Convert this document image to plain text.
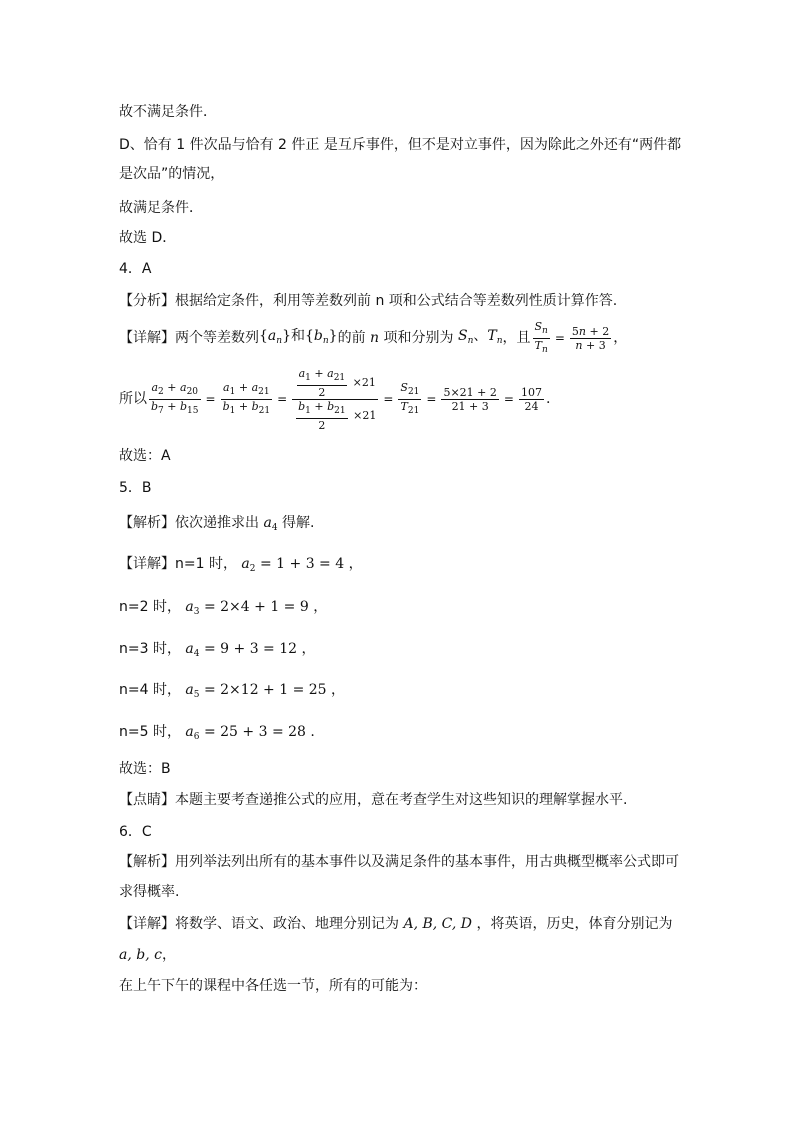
故不满足条件．
D、恰有 1 件次品与恰有 2 件正 是互斥事件，但不是对立事件，因为除此之外还有“两件都
是次品”的情况，
故满足条件．
故选 D．
4．A
【分析】根据给定条件，利用等差数列前 n 项和公式结合等差数列性质计算作答.
【详解】 两个等差数列 $\{a_n\}$和$\{b_n\}$ 的前 n 项和分别为 $S_n$、$T_n$ ，且 $\frac{S_n}{T_n} = \frac{5n + 2}{n + 3}$ ，
所以 $\frac{a_2 + a_{20}}{b_7 + b_{15}} = \frac{a_1 + a_{21}}{b_1 + b_{21}} = \frac{\frac{a_1 + a_{21}}{2} \times 21}{\frac{b_1 + b_{21}}{2} \times 21} = \frac{S_{21}}{T_{21}} = \frac{5\times 21 + 2}{21 + 3} = \frac{107}{24}$ .
故选：A
5．B
【解析】依次递推求出 $a_4$ 得解.
【详解】n=1 时， $a_2 = 1 + 3 = 4$ ，
n=2 时， $a_3 = 2\times 4 + 1 = 9$ ，
n=3 时， $a_4 = 9 + 3 = 12$ ，
n=4 时， $a_5 = 2\times 12 + 1 = 25$ ，
n=5 时， $a_6 = 25 + 3 = 28$ .
故选：B
【点睛】本题主要考查递推公式的应用，意在考查学生对这些知识的理解掌握水平.
6．C
【解析】用列举法列出所有的基本事件以及满足条件的基本事件，用古典概型概率公式即可
求得概率.
【详解】将数学、语文、政治、地理分别记为 A, B, C, D ，将英语，历史，体育分别记为
a, b, c，
在上午下午的课程中各任选一节，所有的可能为：
